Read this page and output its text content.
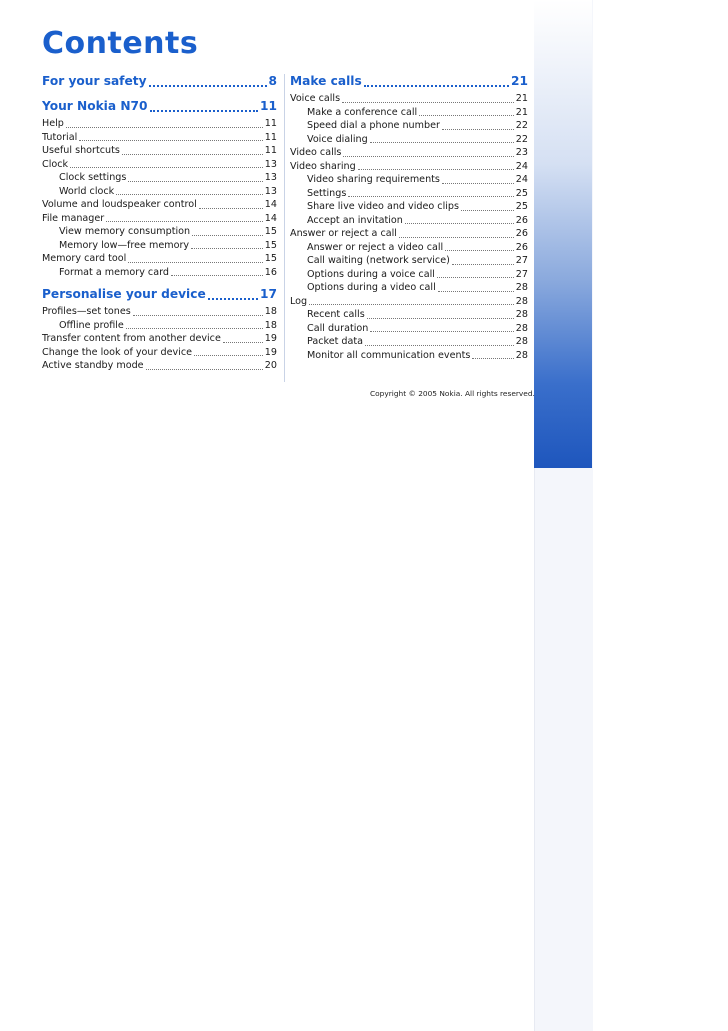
Contents
For your safety	8
Your Nokia N70	11
Help	11
Tutorial	11
Useful shortcuts	11
Clock	13
Clock settings	13
World clock	13
Volume and loudspeaker control	14
File manager	14
View memory consumption	15
Memory low—free memory	15
Memory card tool	15
Format a memory card	16
Personalise your device	17
Profiles—set tones	18
Offline profile	18
Transfer content from another device	19
Change the look of your device	19
Active standby mode	20
Make calls	21
Voice calls	21
Make a conference call	21
Speed dial a phone number	22
Voice dialing	22
Video calls	23
Video sharing	24
Video sharing requirements	24
Settings	25
Share live video and video clips	25
Accept an invitation	26
Answer or reject a call	26
Answer or reject a video call	26
Call waiting (network service)	27
Options during a voice call	27
Options during a video call	28
Log	28
Recent calls	28
Call duration	28
Packet data	28
Monitor all communication events	28
Copyright © 2005 Nokia. All rights reserved.
